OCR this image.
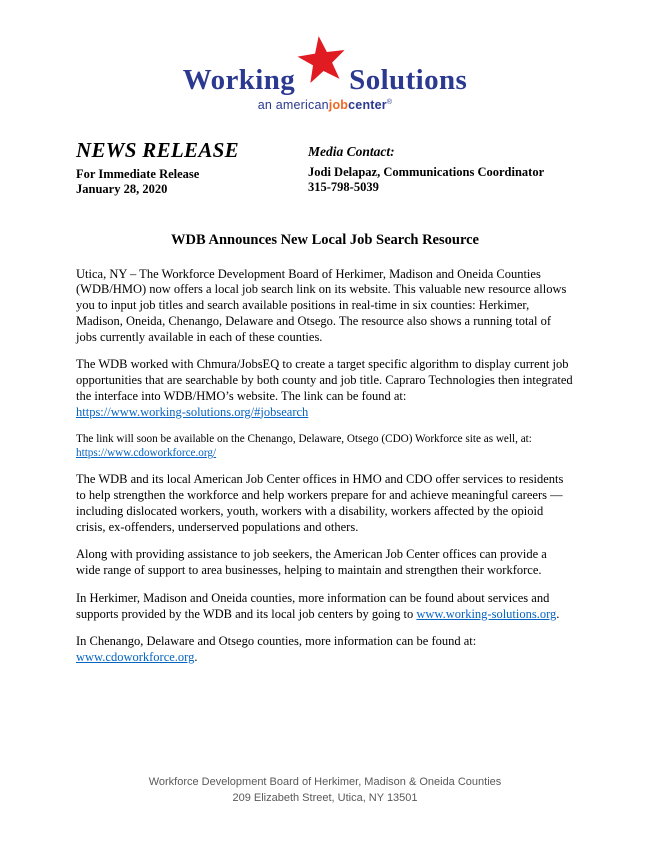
Working Solutions
an americanjobcenter®
NEWS RELEASE
For Immediate Release
January 28, 2020
Media Contact:
Jodi Delapaz, Communications Coordinator
315-798-5039
WDB Announces New Local Job Search Resource

Utica, NY – The Workforce Development Board of Herkimer, Madison and Oneida Counties (WDB/HMO) now offers a local job search link on its website. This valuable new resource allows you to input job titles and search available positions in real-time in six counties: Herkimer, Madison, Oneida, Chenango, Delaware and Otsego. The resource also shows a running total of jobs currently available in each of these counties.

The WDB worked with Chmura/JobsEQ to create a target specific algorithm to display current job opportunities that are searchable by both county and job title. Capraro Technologies then integrated the interface into WDB/HMO’s website. The link can be found at:
https://www.working-solutions.org/#jobsearch

The link will soon be available on the Chenango, Delaware, Otsego (CDO) Workforce site as well, at:
https://www.cdoworkforce.org/

The WDB and its local American Job Center offices in HMO and CDO offer services to residents to help strengthen the workforce and help workers prepare for and achieve meaningful careers — including dislocated workers, youth, workers with a disability, workers affected by the opioid crisis, ex-offenders, underserved populations and others.

Along with providing assistance to job seekers, the American Job Center offices can provide a wide range of support to area businesses, helping to maintain and strengthen their workforce.

In Herkimer, Madison and Oneida counties, more information can be found about services and supports provided by the WDB and its local job centers by going to www.working-solutions.org.

In Chenango, Delaware and Otsego counties, more information can be found at:
www.cdoworkforce.org.

Workforce Development Board of Herkimer, Madison & Oneida Counties
209 Elizabeth Street, Utica, NY 13501
